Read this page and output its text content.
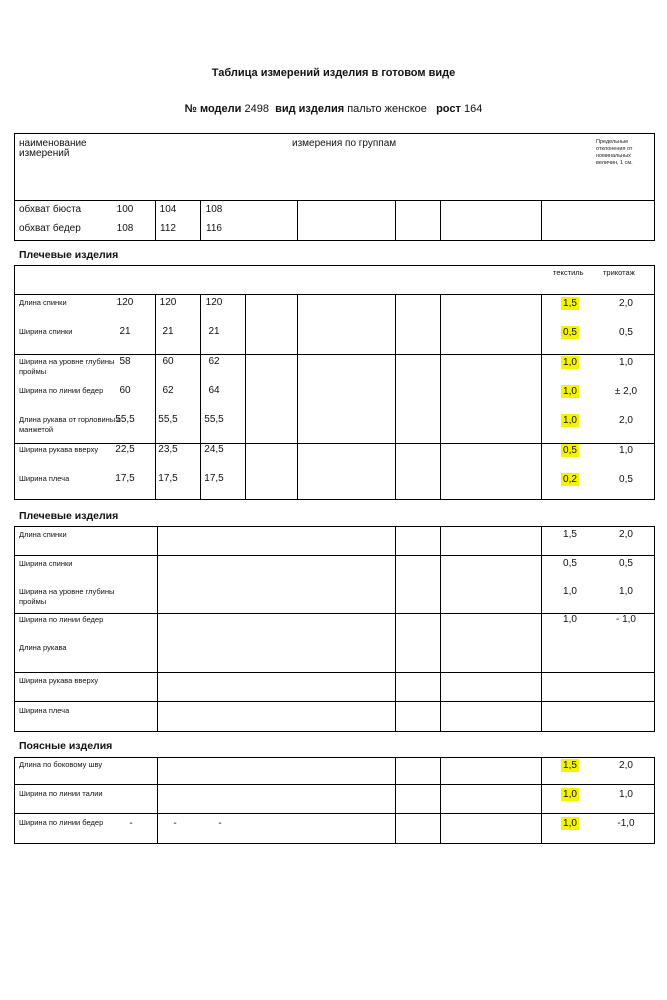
Таблица измерений изделия в готовом виде
№ модели 2498 вид изделия пальто женское рост 164
наименование измерений
измерения по группам	Предельные отклонения от номинальных величин, 1 см.
обхват бюста	100	104	108
обхват бедер	108	112	116
Плечевые изделия
текстиль	трикотаж
Длина спинки	120	120	120	1,5	2,0
Ширина спинки	21	21	21	0,5	0,5
Ширина на уровне глубины проймы
58	60	62	1,0	1,0
Ширина по линии бедер	60	62	64	1,0	± 2,0
Длина рукава от горловины с манжетой
55,5	55,5	55,5	1,0	2,0
Ширина рукава вверху	22,5	23,5	24,5	0,5	1,0
Ширина плеча	17,5	17,5	17,5	0,2	0,5
Плечевые изделия
Длина спинки	1,5	2,0
Ширина спинки	0,5	0,5
Ширина на уровне глубины проймы
1,0	1,0
Ширина по линии бедер	1,0	- 1,0
Длина рукава
Ширина рукава вверху
Ширина плеча
Поясные изделия
Длина по боковому шву	1,5	2,0
Ширина по линии талии	1,0	1,0
Ширина по линии бедер	-	-	-	1,0	-1,0
